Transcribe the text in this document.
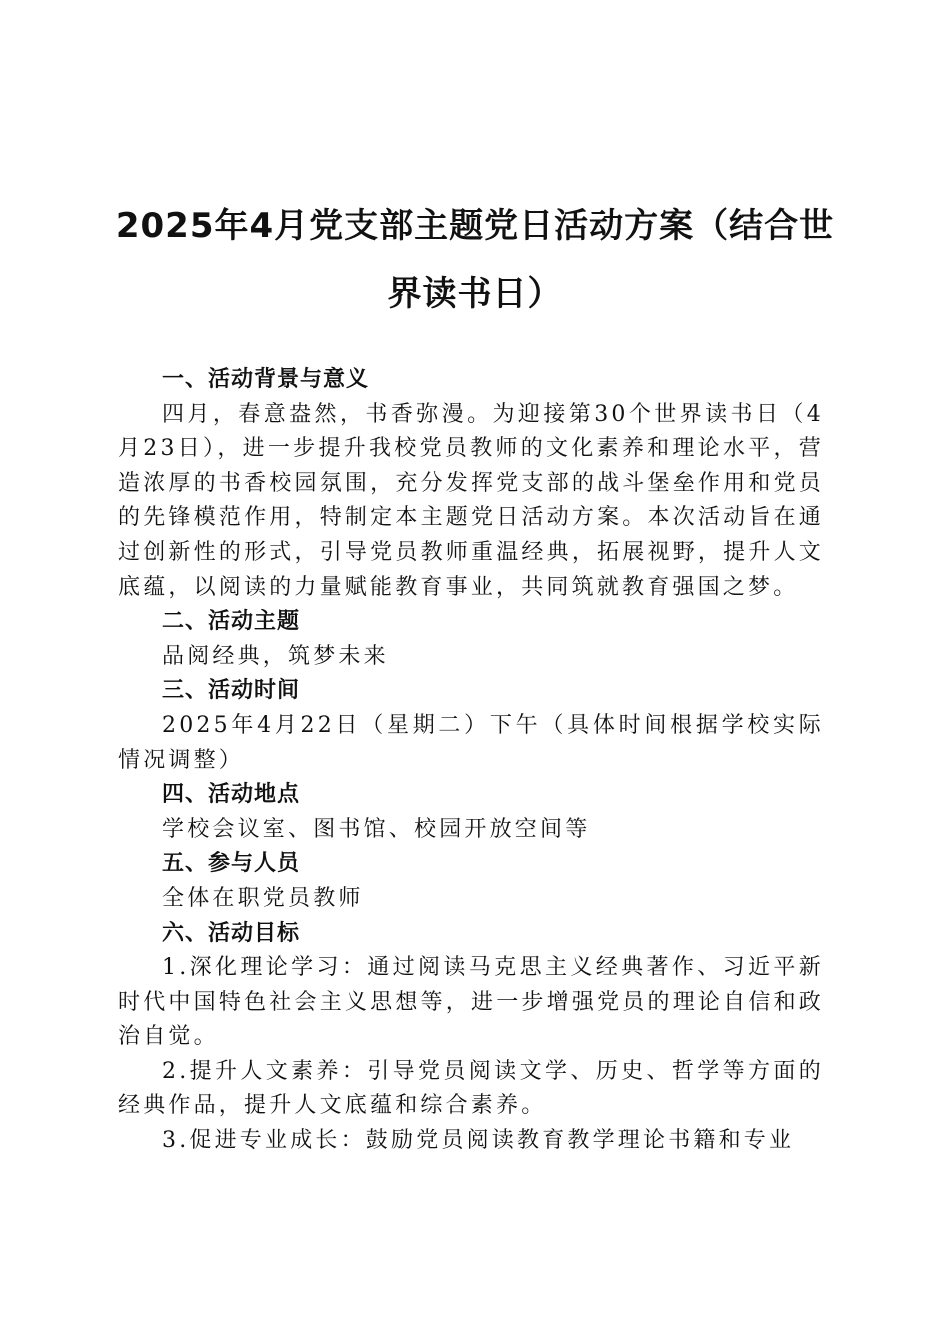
2025年4月党支部主题党日活动方案（结合世界读书日）

一、活动背景与意义

四月，春意盎然，书香弥漫。为迎接第30个世界读书日（4月23日），进一步提升我校党员教师的文化素养和理论水平，营造浓厚的书香校园氛围，充分发挥党支部的战斗堡垒作用和党员的先锋模范作用，特制定本主题党日活动方案。本次活动旨在通过创新性的形式，引导党员教师重温经典，拓展视野，提升人文底蕴，以阅读的力量赋能教育事业，共同筑就教育强国之梦。

二、活动主题

品阅经典，筑梦未来

三、活动时间

2025年4月22日（星期二）下午（具体时间根据学校实际情况调整）

四、活动地点

学校会议室、图书馆、校园开放空间等

五、参与人员

全体在职党员教师

六、活动目标

1.深化理论学习：通过阅读马克思主义经典著作、习近平新时代中国特色社会主义思想等，进一步增强党员的理论自信和政治自觉。

2.提升人文素养：引导党员阅读文学、历史、哲学等方面的经典作品，提升人文底蕴和综合素养。

3.促进专业成长：鼓励党员阅读教育教学理论书籍和专业
